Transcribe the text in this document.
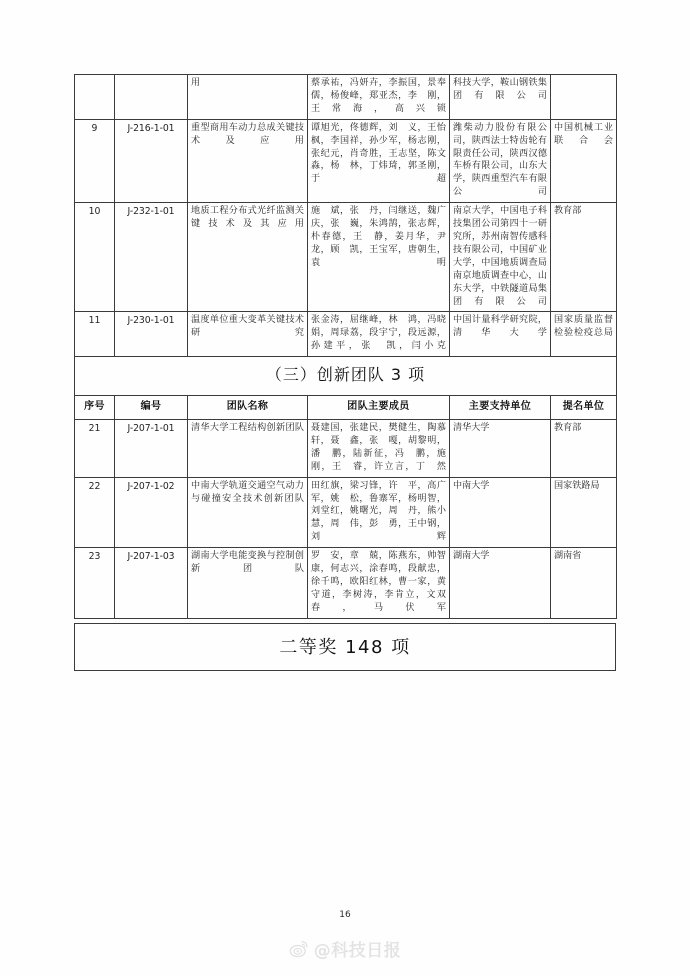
		用	蔡承祐，冯妍卉，李振国，景奉儒，杨俊峰，郑亚杰，李　刚，王常海，高兴锁	科技大学，鞍山钢铁集团有限公司	
9	J-216-1-01	重型商用车动力总成关键技术及应用	谭旭光，佟德辉，刘　义，王怡枫，李国祥，孙少军，杨志刚，张纪元，肖奇胜，王志坚，陈文淼，杨　林，丁炜琦，郭圣刚，于　超	潍柴动力股份有限公司，陕西法士特齿轮有限责任公司，陕西汉德车桥有限公司，山东大学，陕西重型汽车有限公司	中国机械工业联合会
10	J-232-1-01	地质工程分布式光纤监测关键技术及其应用	施　斌，张　丹，闫继送，魏广庆，张　巍，朱鸿鹄，张志辉，朴春德，王　静，姜月华，尹　龙，顾　凯，王宝军，唐朝生，袁　明	南京大学，中国电子科技集团公司第四十一研究所，苏州南智传感科技有限公司，中国矿业大学，中国地质调查局南京地质调查中心，山东大学，中铁隧道局集团有限公司	教育部
11	J-230-1-01	温度单位重大变革关键技术研究	张金涛，屈继峰，林　鸿，冯晓娟，周琭荔，段宇宁，段远源，孙建平，张　凯，闫小克	中国计量科学研究院，清华大学	国家质量监督检验检疫总局
（三）创新团队 3 项					
序号	编号	团队名称	团队主要成员	主要支持单位	提名单位
21	J-207-1-01	清华大学工程结构创新团队	聂建国，张建民，樊健生，陶慕轩，聂　鑫，张　嘎，胡黎明，潘　鹏，陆新征，冯　鹏，施　刚，王　睿，许立言，丁　然	清华大学	教育部
22	J-207-1-02	中南大学轨道交通空气动力与碰撞安全技术创新团队	田红旗，梁习锋，许　平，高广军，姚　松，鲁寨军，杨明智，刘堂红，姚曙光，周　丹，熊小慧，周　伟，彭　勇，王中钢，刘　辉	中南大学	国家铁路局
23	J-207-1-03	湖南大学电能变换与控制创新团队	罗　安，章　兢，陈燕东，帅智康，何志兴，涂春鸣，段献忠，徐千鸣，欧阳红林，曹一家，黄守道，李树涛，李肯立，文双春，马伏军	湖南大学	湖南省
二等奖 148 项
16
@科技日报
